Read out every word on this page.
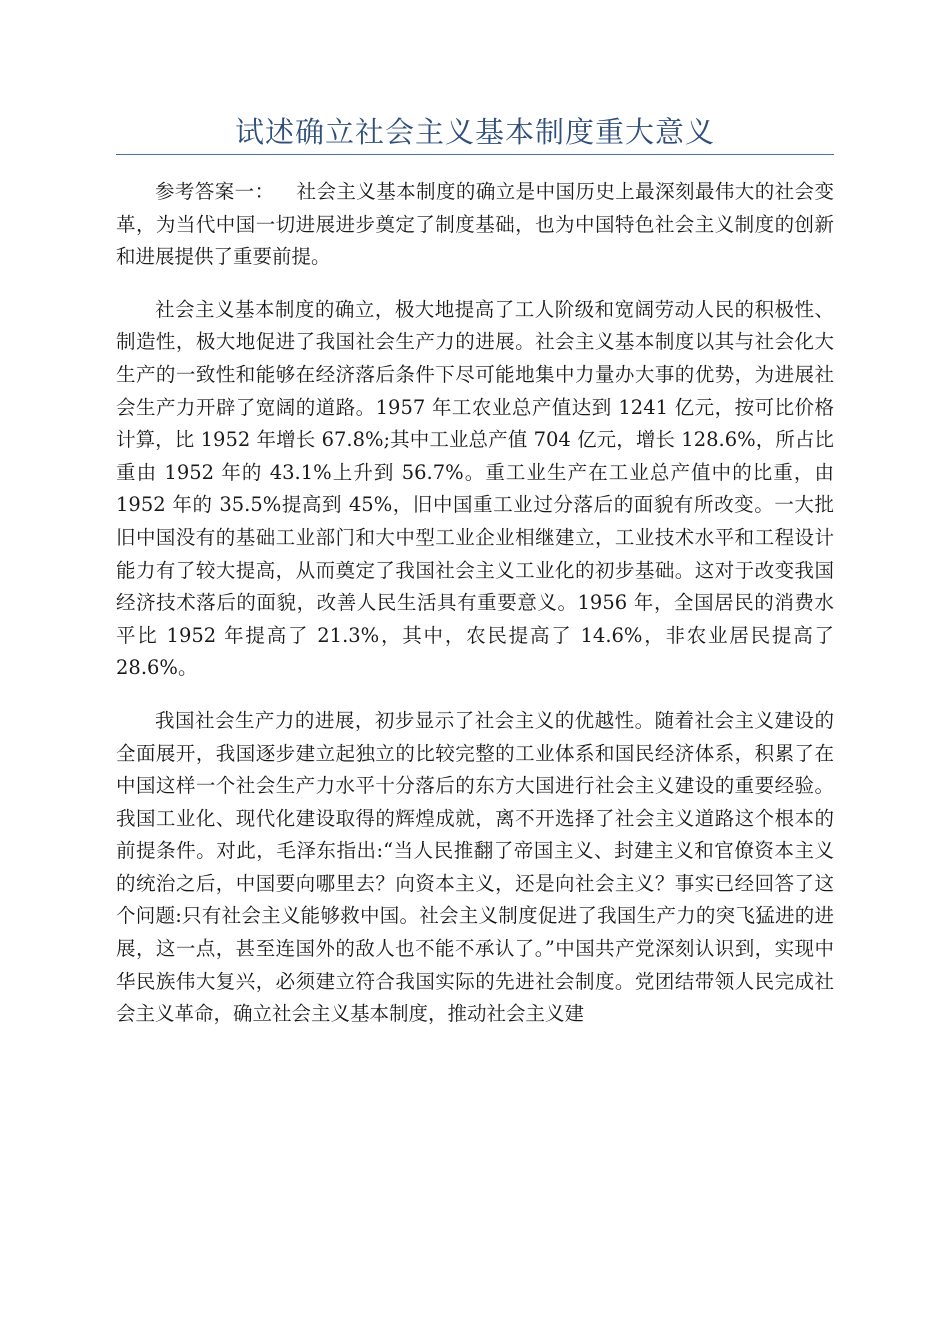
试述确立社会主义基本制度重大意义

参考答案一： 社会主义基本制度的确立是中国历史上最深刻最伟大的社会变革，为当代中国一切进展进步奠定了制度基础，也为中国特色社会主义制度的创新和进展提供了重要前提。

社会主义基本制度的确立，极大地提高了工人阶级和宽阔劳动人民的积极性、制造性，极大地促进了我国社会生产力的进展。社会主义基本制度以其与社会化大生产的一致性和能够在经济落后条件下尽可能地集中力量办大事的优势，为进展社会生产力开辟了宽阔的道路。1957 年工农业总产值达到 1241 亿元，按可比价格计算，比 1952 年增长 67.8%;其中工业总产值 704 亿元，增长 128.6%，所占比重由 1952 年的 43.1%上升到 56.7%。重工业生产在工业总产值中的比重，由 1952 年的 35.5%提高到 45%，旧中国重工业过分落后的面貌有所改变。一大批旧中国没有的基础工业部门和大中型工业企业相继建立，工业技术水平和工程设计能力有了较大提高，从而奠定了我国社会主义工业化的初步基础。这对于改变我国经济技术落后的面貌，改善人民生活具有重要意义。1956 年，全国居民的消费水平比 1952 年提高了 21.3%，其中，农民提高了 14.6%，非农业居民提高了 28.6%。

我国社会生产力的进展，初步显示了社会主义的优越性。随着社会主义建设的全面展开，我国逐步建立起独立的比较完整的工业体系和国民经济体系，积累了在中国这样一个社会生产力水平十分落后的东方大国进行社会主义建设的重要经验。我国工业化、现代化建设取得的辉煌成就，离不开选择了社会主义道路这个根本的前提条件。对此，毛泽东指出:“当人民推翻了帝国主义、封建主义和官僚资本主义的统治之后，中国要向哪里去？向资本主义，还是向社会主义？事实已经回答了这个问题:只有社会主义能够救中国。社会主义制度促进了我国生产力的突飞猛进的进展，这一点，甚至连国外的敌人也不能不承认了。”中国共产党深刻认识到，实现中华民族伟大复兴，必须建立符合我国实际的先进社会制度。党团结带领人民完成社会主义革命，确立社会主义基本制度，推动社会主义建
